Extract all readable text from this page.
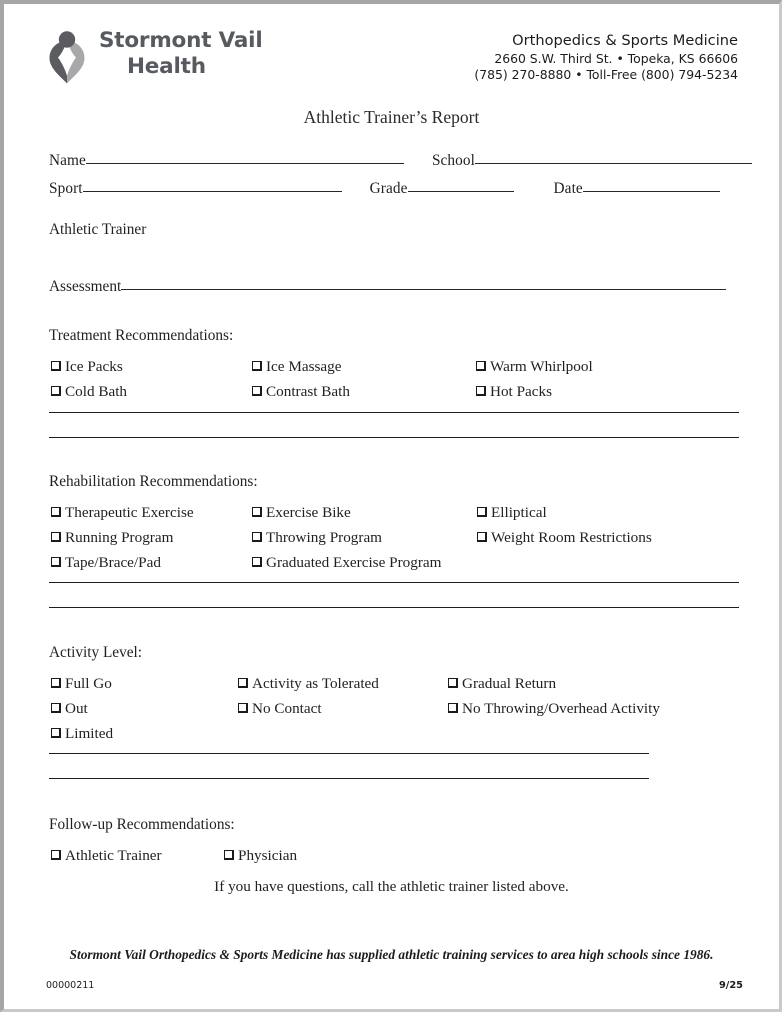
Stormont Vail
Health
Orthopedics & Sports Medicine
2660 S.W. Third St. • Topeka, KS 66606
(785) 270-8880 • Toll-Free (800) 794-5234
Athletic Trainer’s Report
Name	School
Sport	Grade	Date
Athletic Trainer
Assessment
Treatment Recommendations:
Ice Packs	Ice Massage	Warm Whirlpool
Cold Bath	Contrast Bath	Hot Packs
Rehabilitation Recommendations:
Therapeutic Exercise	Exercise Bike	Elliptical
Running Program	Throwing Program	Weight Room Restrictions
Tape/Brace/Pad	Graduated Exercise Program
Activity Level:
Full Go	Activity as Tolerated	Gradual Return
Out	No Contact	No Throwing/Overhead Activity
Limited
Follow-up Recommendations:
Athletic Trainer	Physician
If you have questions, call the athletic trainer listed above.
Stormont Vail Orthopedics & Sports Medicine has supplied athletic training services to area high schools since 1986.
00000211	9/25
